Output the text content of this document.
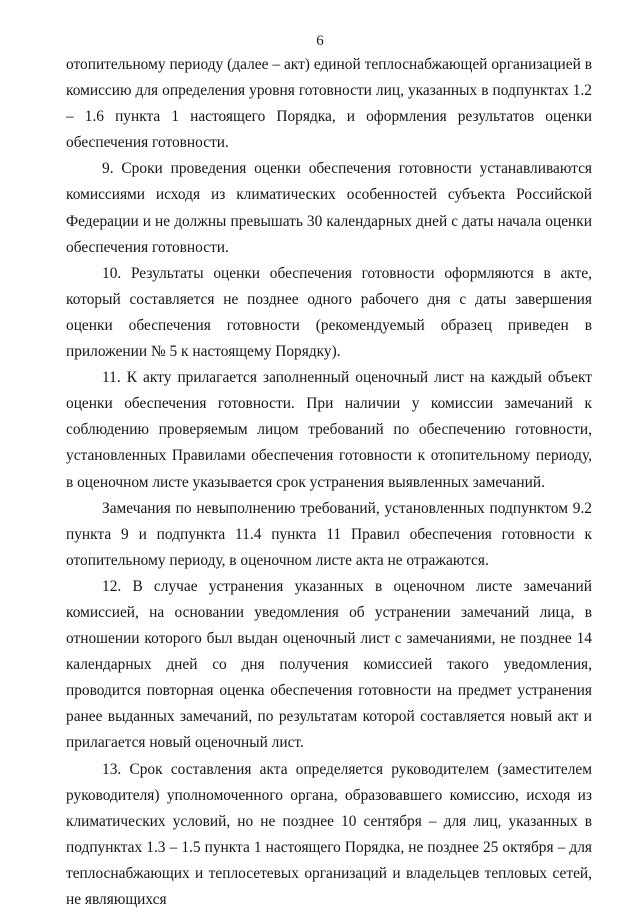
6

отопительному периоду (далее – акт) единой теплоснабжающей организацией в комиссию для определения уровня готовности лиц, указанных в подпунктах 1.2 – 1.6 пункта 1 настоящего Порядка, и оформления результатов оценки обеспечения готовности.

9. Сроки проведения оценки обеспечения готовности устанавливаются комиссиями исходя из климатических особенностей субъекта Российской Федерации и не должны превышать 30 календарных дней с даты начала оценки обеспечения готовности.

10. Результаты оценки обеспечения готовности оформляются в акте, который составляется не позднее одного рабочего дня с даты завершения оценки обеспечения готовности (рекомендуемый образец приведен в приложении № 5 к настоящему Порядку).

11. К акту прилагается заполненный оценочный лист на каждый объект оценки обеспечения готовности. При наличии у комиссии замечаний к соблюдению проверяемым лицом требований по обеспечению готовности, установленных Правилами обеспечения готовности к отопительному периоду, в оценочном листе указывается срок устранения выявленных замечаний.

Замечания по невыполнению требований, установленных подпунктом 9.2 пункта 9 и подпункта 11.4 пункта 11 Правил обеспечения готовности к отопительному периоду, в оценочном листе акта не отражаются.

12. В случае устранения указанных в оценочном листе замечаний комиссией, на основании уведомления об устранении замечаний лица, в отношении которого был выдан оценочный лист с замечаниями, не позднее 14 календарных дней со дня получения комиссией такого уведомления, проводится повторная оценка обеспечения готовности на предмет устранения ранее выданных замечаний, по результатам которой составляется новый акт и прилагается новый оценочный лист.

13. Срок составления акта определяется руководителем (заместителем руководителя) уполномоченного органа, образовавшего комиссию, исходя из климатических условий, но не позднее 10 сентября – для лиц, указанных в подпунктах 1.3 – 1.5 пункта 1 настоящего Порядка, не позднее 25 октября – для теплоснабжающих и теплосетевых организаций и владельцев тепловых сетей, не являющихся
